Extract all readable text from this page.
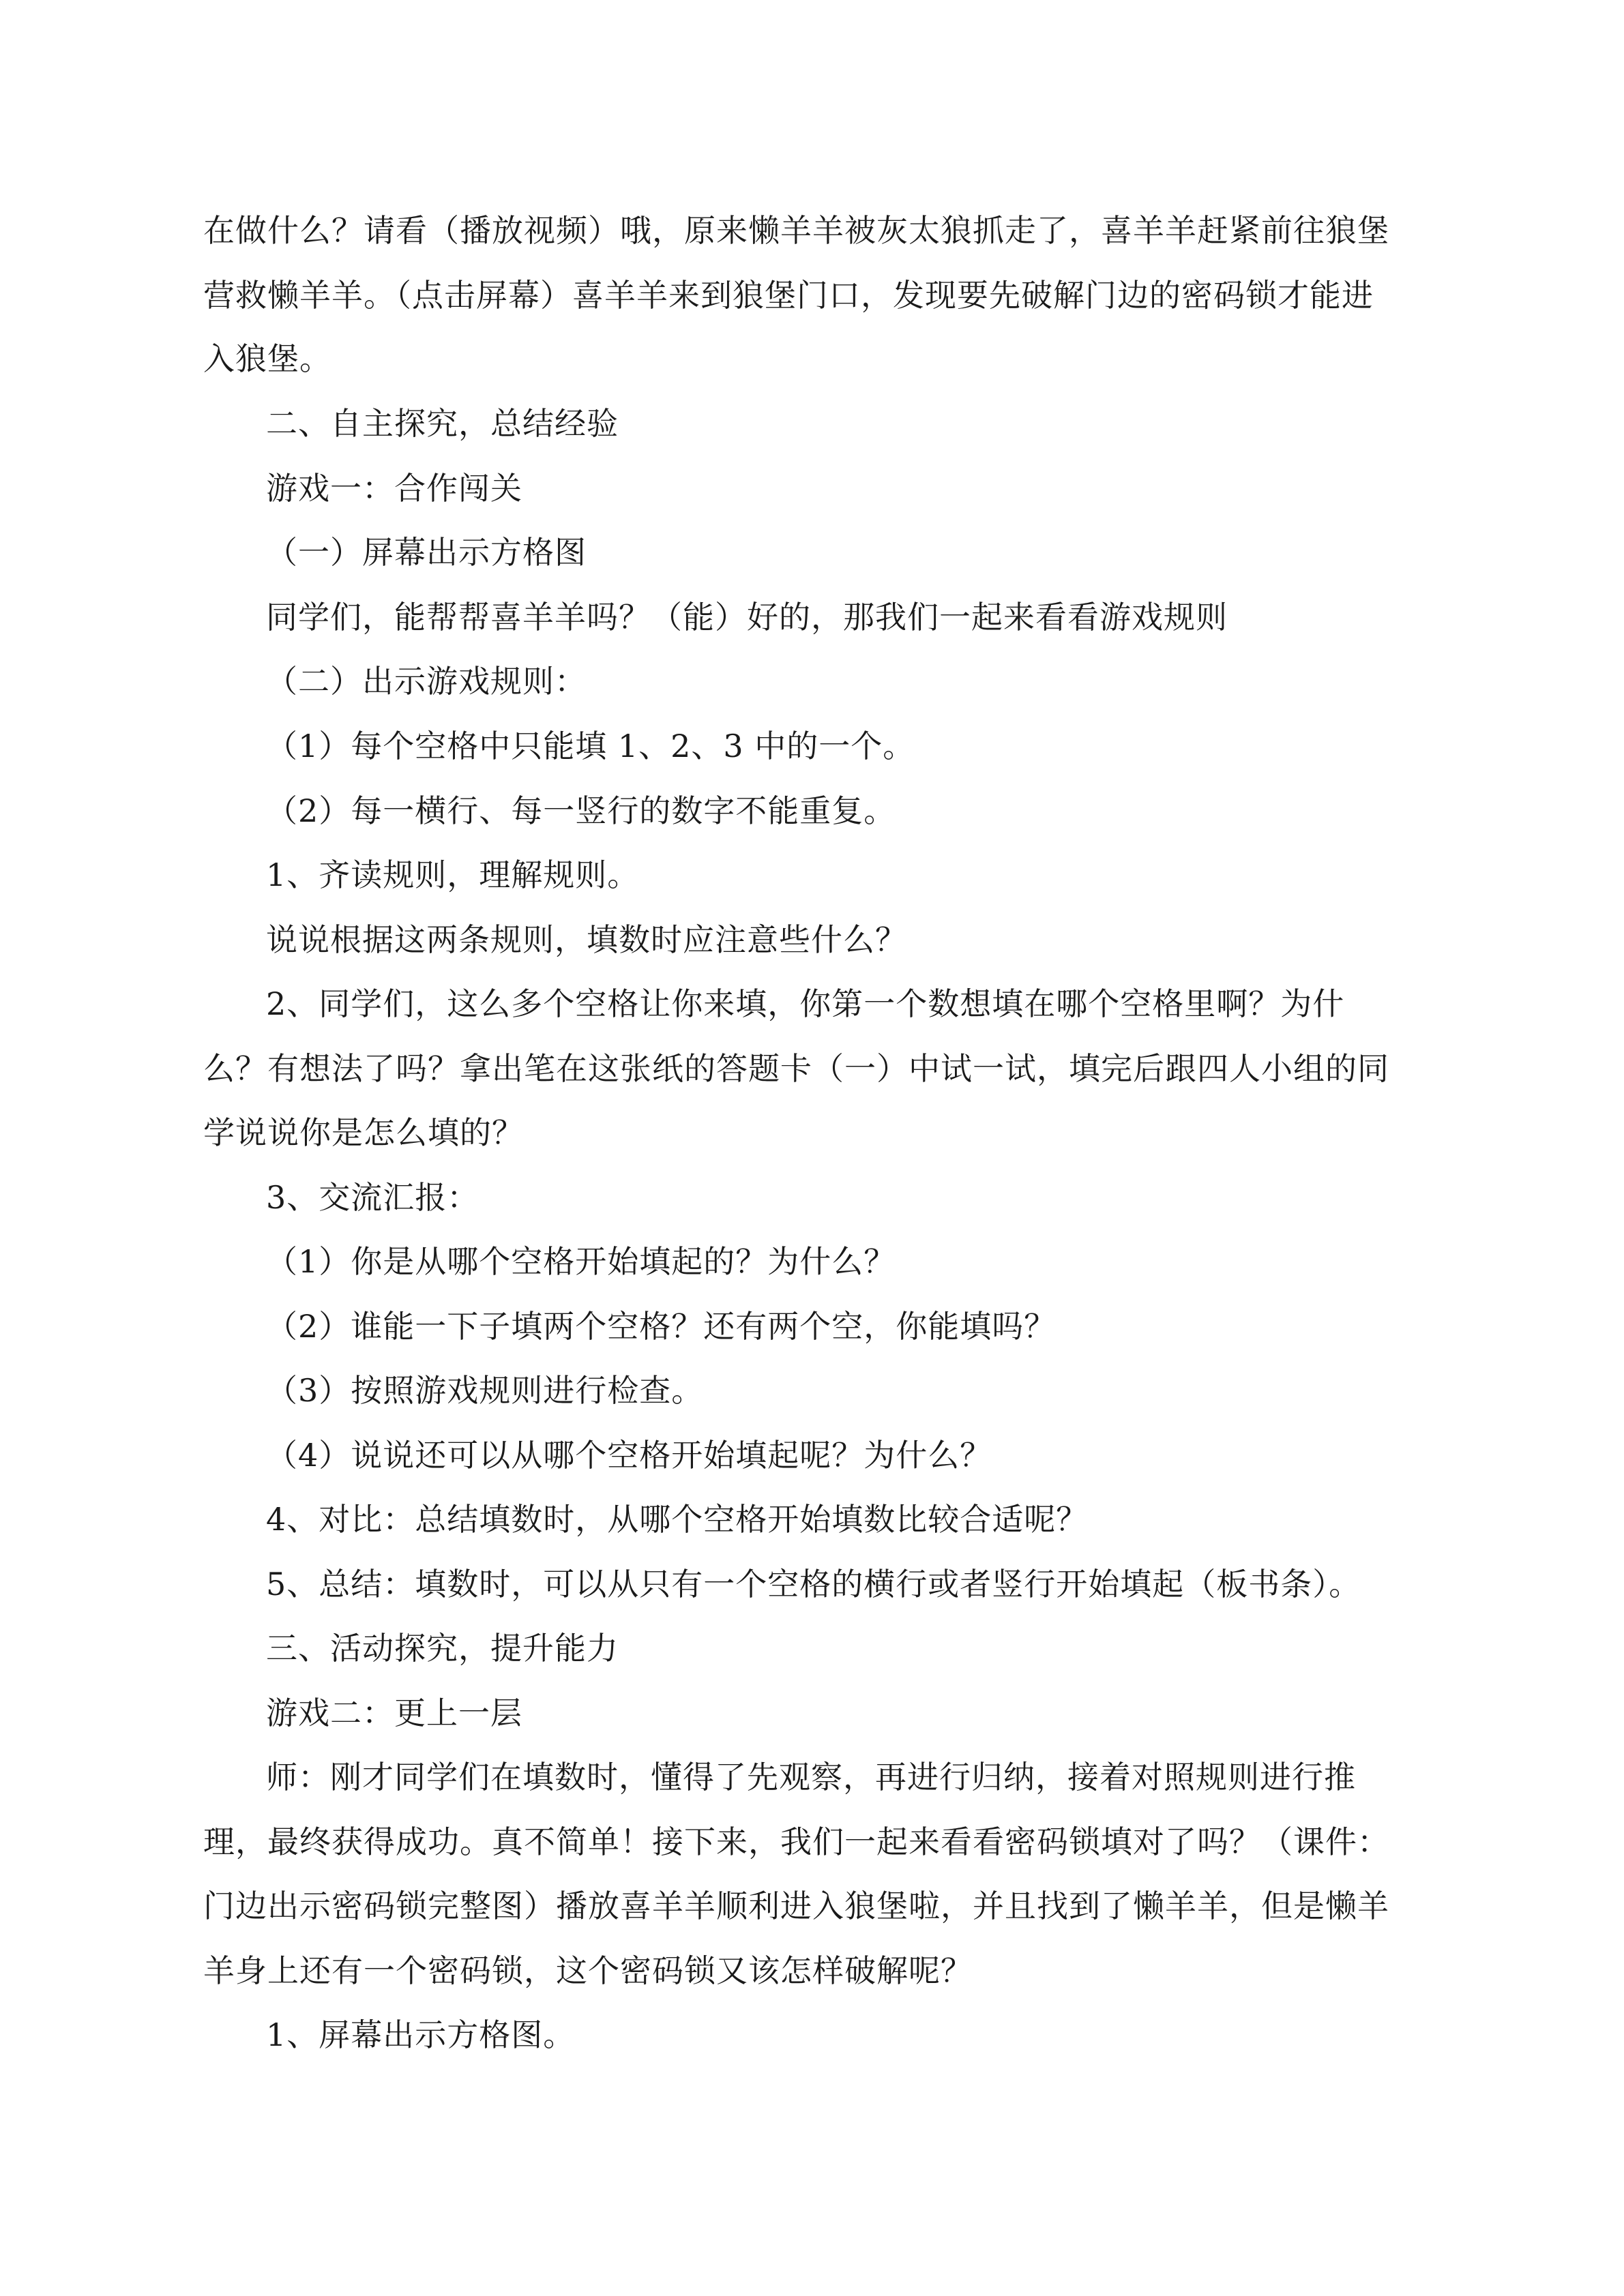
在做什么？请看（播放视频）哦，原来懒羊羊被灰太狼抓走了，喜羊羊赶紧前往狼堡
营救懒羊羊。（点击屏幕）喜羊羊来到狼堡门口，发现要先破解门边的密码锁才能进
入狼堡。
二、自主探究，总结经验
游戏一：合作闯关
（一）屏幕出示方格图
同学们，能帮帮喜羊羊吗？（能）好的，那我们一起来看看游戏规则
（二）出示游戏规则：
（1）每个空格中只能填 1、2、3 中的一个。
（2）每一横行、每一竖行的数字不能重复。
1、齐读规则，理解规则。
说说根据这两条规则，填数时应注意些什么？
2、同学们，这么多个空格让你来填，你第一个数想填在哪个空格里啊？为什
么？有想法了吗？拿出笔在这张纸的答题卡（一）中试一试，填完后跟四人小组的同
学说说你是怎么填的？
3、交流汇报：
（1）你是从哪个空格开始填起的？为什么？
（2）谁能一下子填两个空格？还有两个空，你能填吗？
（3）按照游戏规则进行检查。
（4）说说还可以从哪个空格开始填起呢？为什么？
4、对比：总结填数时，从哪个空格开始填数比较合适呢？
5、总结：填数时，可以从只有一个空格的横行或者竖行开始填起（板书条）。
三、活动探究，提升能力
游戏二：更上一层
师：刚才同学们在填数时，懂得了先观察，再进行归纳，接着对照规则进行推
理，最终获得成功。真不简单！接下来，我们一起来看看密码锁填对了吗？（课件：
门边出示密码锁完整图）播放喜羊羊顺利进入狼堡啦，并且找到了懒羊羊，但是懒羊
羊身上还有一个密码锁，这个密码锁又该怎样破解呢？
1、屏幕出示方格图。
